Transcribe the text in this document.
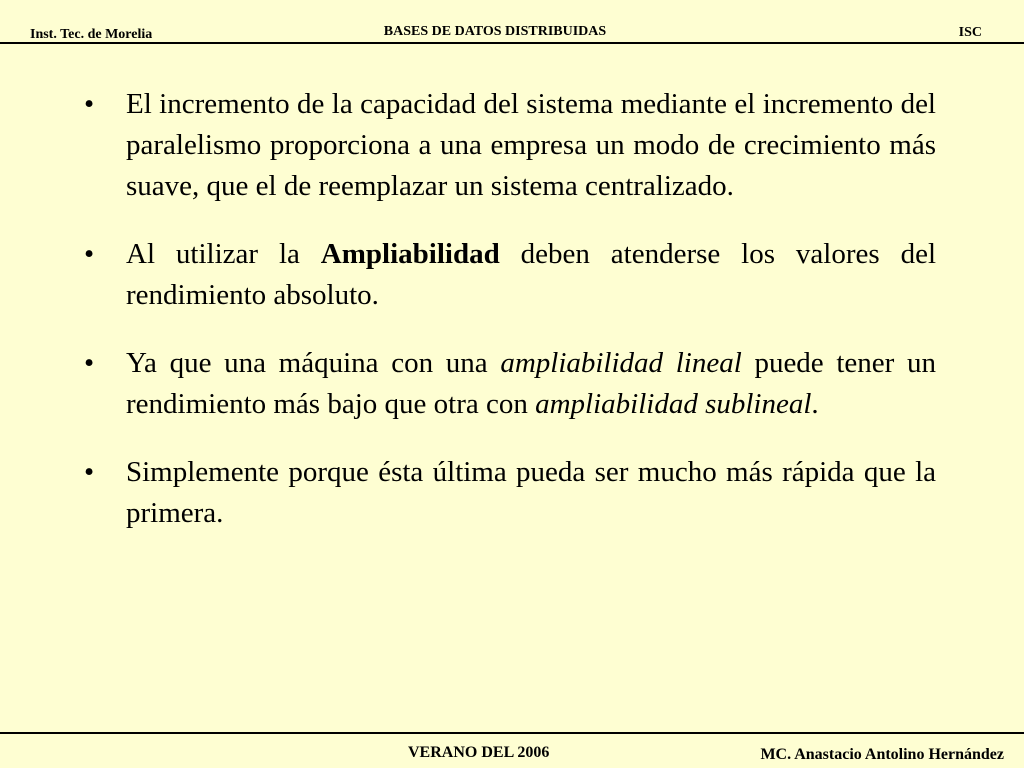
Inst. Tec. de Morelia	BASES DE DATOS DISTRIBUIDAS	ISC
•	El incremento de la capacidad del sistema mediante el incremento del paralelismo proporciona a una empresa un modo de crecimiento más suave, que el de reemplazar un sistema centralizado.
•	Al utilizar la Ampliabilidad deben atenderse los valores del rendimiento absoluto.
•	Ya que una máquina con una ampliabilidad lineal puede tener un rendimiento más bajo que otra con ampliabilidad sublineal.
•	Simplemente porque ésta última pueda ser mucho más rápida que la primera.
VERANO DEL 2006	MC. Anastacio Antolino Hernández
